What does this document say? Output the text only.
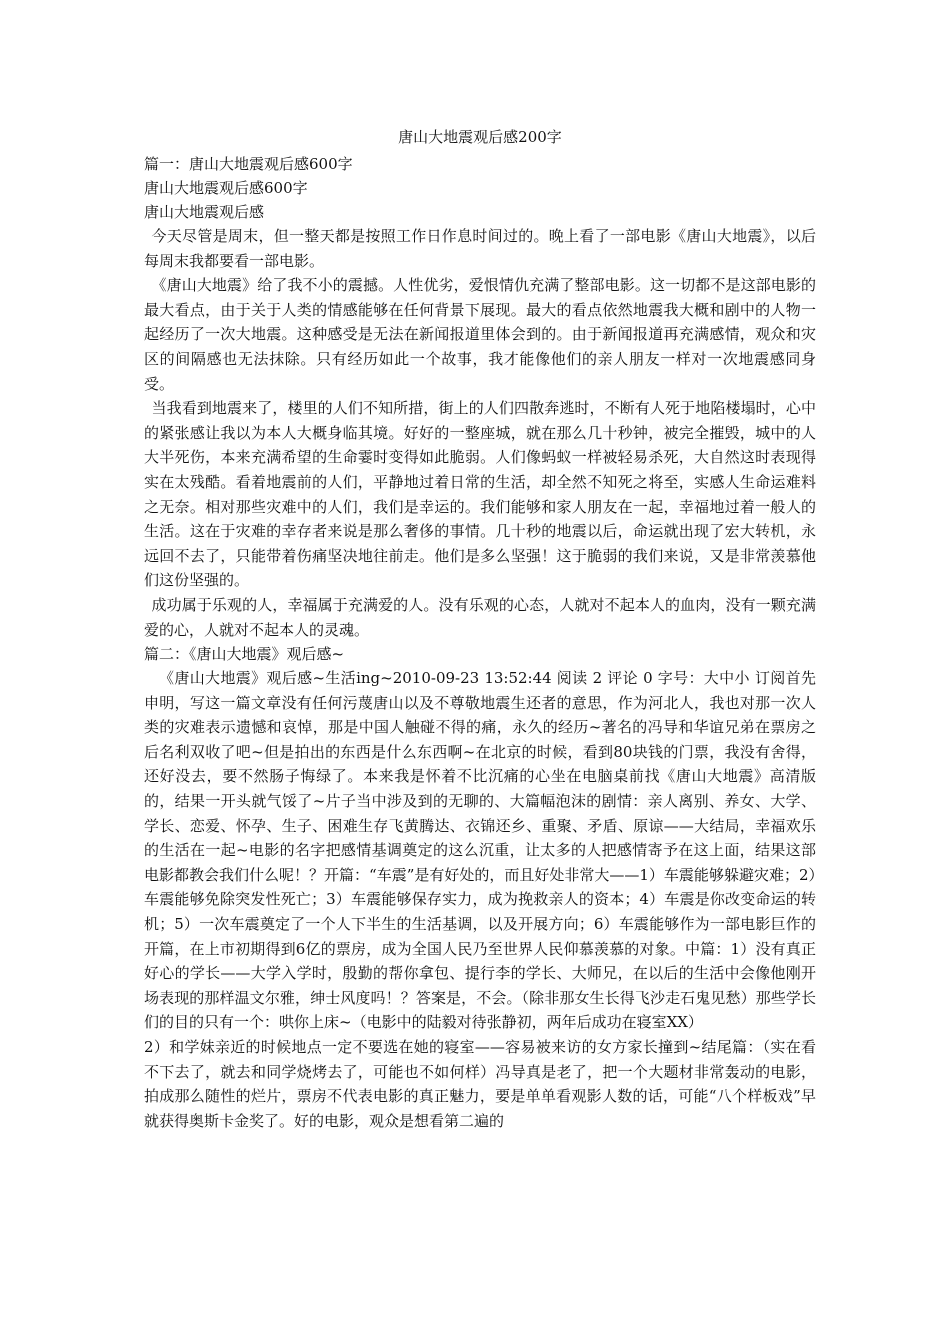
唐山大地震观后感200字

篇一：唐山大地震观后感600字

唐山大地震观后感600字

唐山大地震观后感

今天尽管是周末，但一整天都是按照工作日作息时间过的。晚上看了一部电影《唐山大地震》，以后每周末我都要看一部电影。

《唐山大地震》给了我不小的震撼。人性优劣，爱恨情仇充满了整部电影。这一切都不是这部电影的最大看点，由于关于人类的情感能够在任何背景下展现。最大的看点依然地震我大概和剧中的人物一起经历了一次大地震。这种感受是无法在新闻报道里体会到的。由于新闻报道再充满感情，观众和灾区的间隔感也无法抹除。只有经历如此一个故事，我才能像他们的亲人朋友一样对一次地震感同身受。

当我看到地震来了，楼里的人们不知所措，街上的人们四散奔逃时，不断有人死于地陷楼塌时，心中的紧张感让我以为本人大概身临其境。好好的一整座城，就在那么几十秒钟，被完全摧毁，城中的人大半死伤，本来充满希望的生命霎时变得如此脆弱。人们像蚂蚁一样被轻易杀死，大自然这时表现得实在太残酷。看着地震前的人们，平静地过着日常的生活，却全然不知死之将至，实感人生命运难料之无奈。相对那些灾难中的人们，我们是幸运的。我们能够和家人朋友在一起，幸福地过着一般人的生活。这在于灾难的幸存者来说是那么奢侈的事情。几十秒的地震以后，命运就出现了宏大转机，永远回不去了，只能带着伤痛坚决地往前走。他们是多么坚强！这于脆弱的我们来说，又是非常羡慕他们这份坚强的。

成功属于乐观的人，幸福属于充满爱的人。没有乐观的心态，人就对不起本人的血肉，没有一颗充满爱的心，人就对不起本人的灵魂。

篇二：《唐山大地震》观后感~

《唐山大地震》观后感~生活ing~2010-09-23 13:52:44 阅读 2 评论 0 字号：大中小 订阅首先申明，写这一篇文章没有任何污蔑唐山以及不尊敬地震生还者的意思，作为河北人，我也对那一次人类的灾难表示遗憾和哀悼，那是中国人触碰不得的痛，永久的经历~著名的冯导和华谊兄弟在票房之后名利双收了吧~但是拍出的东西是什么东西啊~在北京的时候，看到80块钱的门票，我没有舍得，还好没去，要不然肠子悔绿了。本来我是怀着不比沉痛的心坐在电脑桌前找《唐山大地震》高清版的，结果一开头就气馁了~片子当中涉及到的无聊的、大篇幅泡沫的剧情：亲人离别、养女、大学、学长、恋爱、怀孕、生子、困难生存飞黄腾达、衣锦还乡、重聚、矛盾、原谅——大结局，幸福欢乐的生活在一起~电影的名字把感情基调奠定的这么沉重，让太多的人把感情寄予在这上面，结果这部电影都教会我们什么呢！？开篇：“车震”是有好处的，而且好处非常大——1）车震能够躲避灾难；2）车震能够免除突发性死亡；3）车震能够保存实力，成为挽救亲人的资本；4）车震是你改变命运的转机；5）一次车震奠定了一个人下半生的生活基调，以及开展方向；6）车震能够作为一部电影巨作的开篇，在上市初期得到6亿的票房，成为全国人民乃至世界人民仰慕羡慕的对象。中篇：1）没有真正好心的学长——大学入学时，殷勤的帮你拿包、提行李的学长、大师兄，在以后的生活中会像他刚开场表现的那样温文尔雅，绅士风度吗！？答案是，不会。（除非那女生长得飞沙走石鬼见愁）那些学长们的目的只有一个：哄你上床~（电影中的陆毅对待张静初，两年后成功在寝室XX）

2）和学妹亲近的时候地点一定不要选在她的寝室——容易被来访的女方家长撞到~结尾篇：（实在看不下去了，就去和同学烧烤去了，可能也不如何样）冯导真是老了，把一个大题材非常轰动的电影，拍成那么随性的烂片，票房不代表电影的真正魅力，要是单单看观影人数的话，可能“八个样板戏”早就获得奥斯卡金奖了。好的电影，观众是想看第二遍的
